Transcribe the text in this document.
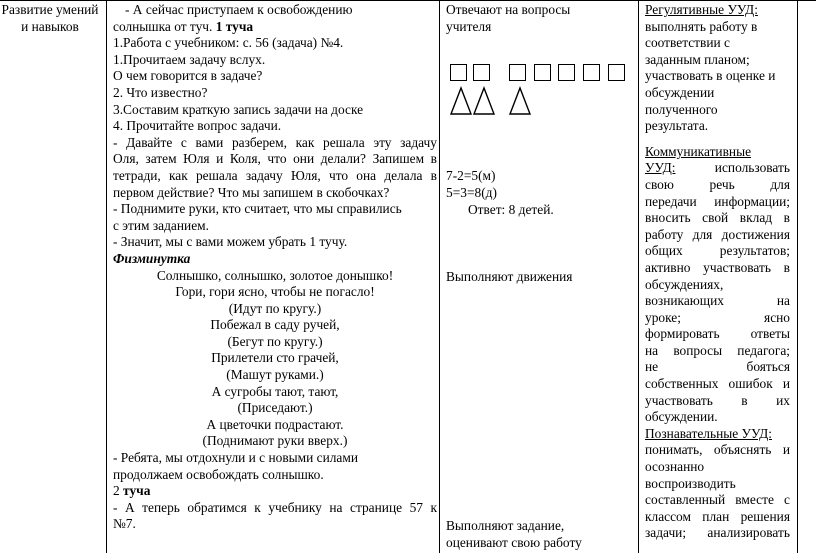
Развитие умений
и навыков
- А сейчас приступаем к освобождению
солнышка от туч. 1 туча
1.Работа с учебником: с. 56 (задача) №4.
1.Прочитаем задачу вслух.
О чем говорится в задаче?
2. Что известно?
3.Составим краткую запись задачи на доске
4. Прочитайте вопрос задачи.
- Давайте с вами разберем, как решала эту задачу
Оля, затем Юля и Коля, что они делали? Запишем в
тетради, как решала задачу Юля, что она делала в
первом действие? Что мы запишем в скобочках?
- Поднимите руки, кто считает, что мы справились
с этим заданием.
- Значит, мы с вами можем убрать 1 тучу.
Физминутка
Солнышко, солнышко, золотое донышко!
Гори, гори ясно, чтобы не погасло!
(Идут по кругу.)
Побежал в саду ручей,
(Бегут по кругу.)
Прилетели сто грачей,
(Машут руками.)
А сугробы тают, тают,
(Приседают.)
А цветочки подрастают.
(Поднимают руки вверх.)
- Ребята, мы отдохнули и с новыми силами
продолжаем освобождать солнышко.
2 туча
- А теперь обратимся к учебнику на странице 57 к
№7.
Отвечают на вопросы
учителя
7-2=5(м)
5=3=8(д)
Ответ: 8 детей.
Выполняют движения
Выполняют задание,
оценивают свою работу
Регулятивные УУД:
выполнять работу в
соответствии с
заданным планом;
участвовать в оценке и
обсуждении
полученного
результата.
Коммуникативные
УУД:	использовать
свою речь для
передачи информации;
вносить свой вклад в
работу для достижения
общих результатов;
активно участвовать в
обсуждениях,
возникающих на
уроке; ясно
формировать ответы
на вопросы педагога;
не бояться
собственных ошибок и
участвовать в их
обсуждении.
Познавательные УУД:
понимать, объяснять и
осознанно
воспроизводить
составленный вместе с
классом план решения
задачи; анализировать
